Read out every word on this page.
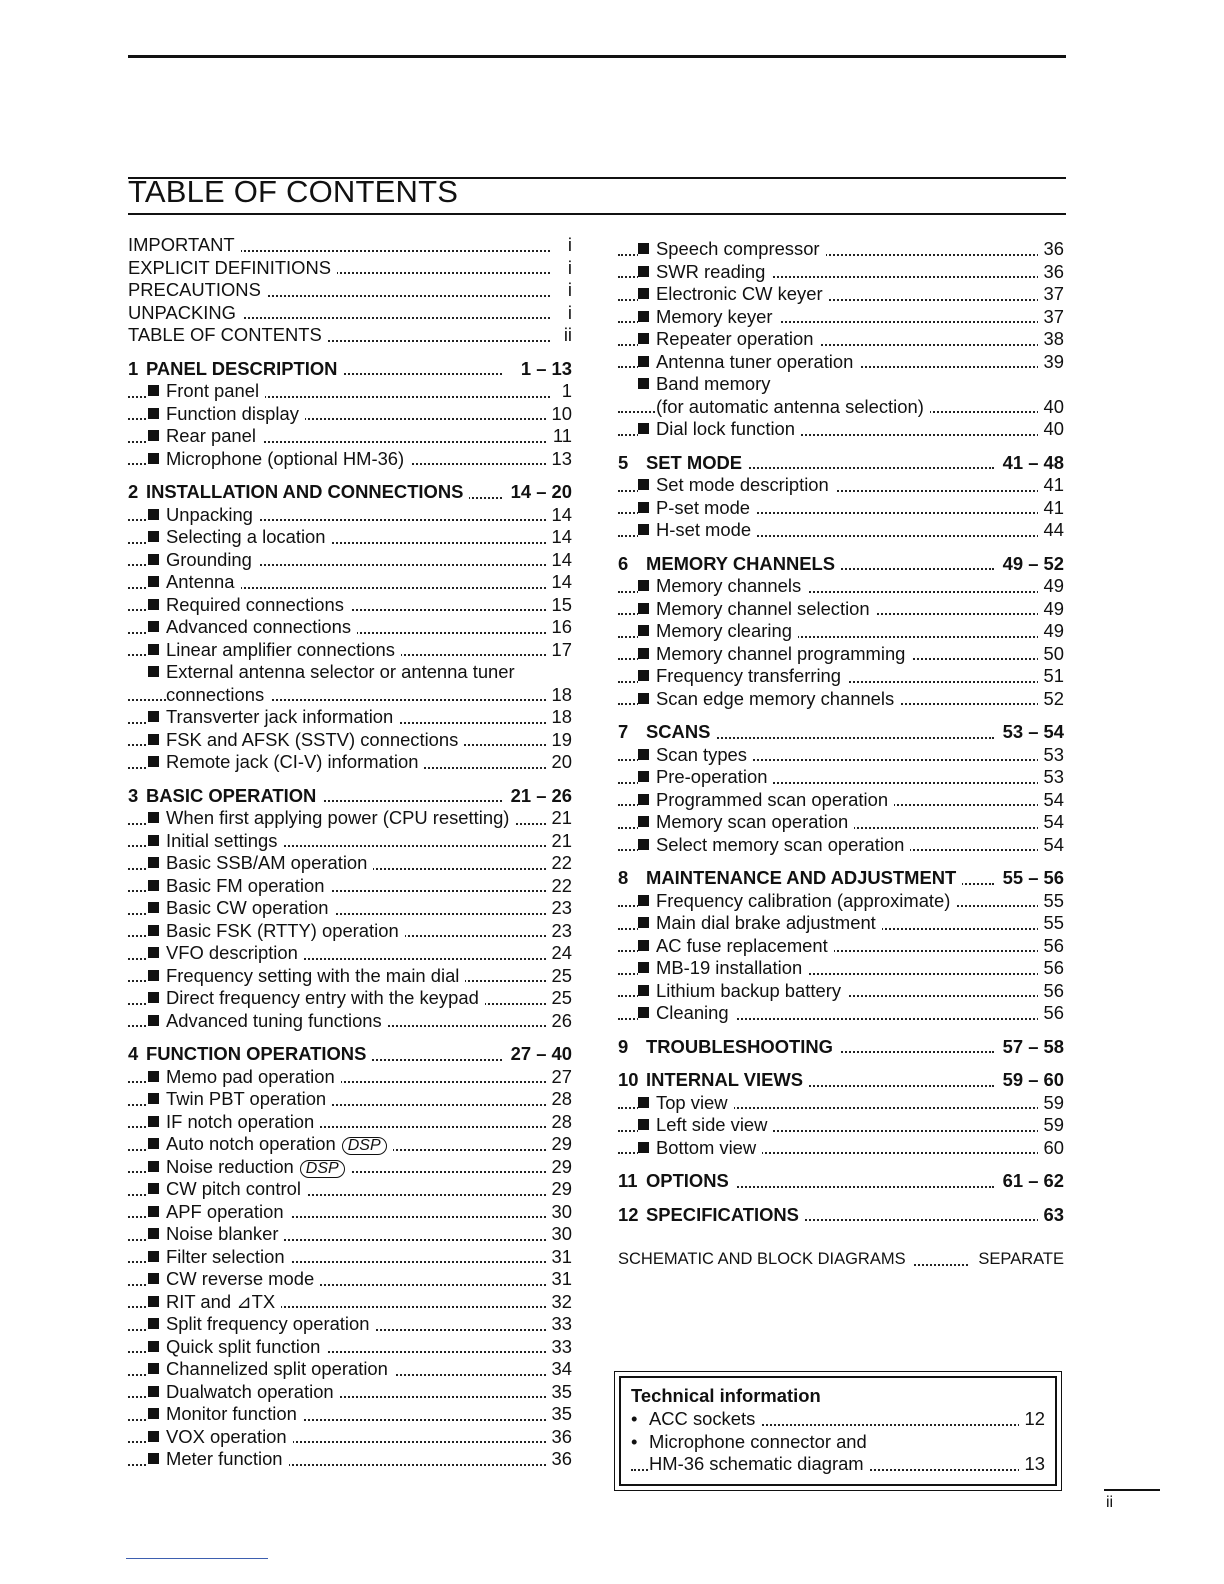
TABLE OF CONTENTS
IMPORTANT	i
EXPLICIT DEFINITIONS	i
PRECAUTIONS	i
UNPACKING	i
TABLE OF CONTENTS	ii
1 PANEL DESCRIPTION	1 – 13
Front panel	1
Function display	10
Rear panel	11
Microphone (optional HM-36)	13
2 INSTALLATION AND CONNECTIONS	14 – 20
Unpacking	14
Selecting a location	14
Grounding	14
Antenna	14
Required connections	15
Advanced connections	16
Linear amplifier connections	17
External antenna selector or antenna tuner
connections	18
Transverter jack information	18
FSK and AFSK (SSTV) connections	19
Remote jack (CI-V) information	20
3 BASIC OPERATION	21 – 26
When first applying power (CPU resetting)	21
Initial settings	21
Basic SSB/AM operation	22
Basic FM operation	22
Basic CW operation	23
Basic FSK (RTTY) operation	23
VFO description	24
Frequency setting with the main dial	25
Direct frequency entry with the keypad	25
Advanced tuning functions	26
4 FUNCTION OPERATIONS	27 – 40
Memo pad operation	27
Twin PBT operation	28
IF notch operation	28
Auto notch operation DSP	29
Noise reduction DSP	29
CW pitch control	29
APF operation	30
Noise blanker	30
Filter selection	31
CW reverse mode	31
RIT and ⊿TX	32
Split frequency operation	33
Quick split function	33
Channelized split operation	34
Dualwatch operation	35
Monitor function	35
VOX operation	36
Meter function	36
Speech compressor	36
SWR reading	36
Electronic CW keyer	37
Memory keyer	37
Repeater operation	38
Antenna tuner operation	39
Band memory
(for automatic antenna selection)	40
Dial lock function	40
5 SET MODE	41 – 48
Set mode description	41
P-set mode	41
H-set mode	44
6 MEMORY CHANNELS	49 – 52
Memory channels	49
Memory channel selection	49
Memory clearing	49
Memory channel programming	50
Frequency transferring	51
Scan edge memory channels	52
7 SCANS	53 – 54
Scan types	53
Pre-operation	53
Programmed scan operation	54
Memory scan operation	54
Select memory scan operation	54
8 MAINTENANCE AND ADJUSTMENT	55 – 56
Frequency calibration (approximate)	55
Main dial brake adjustment	55
AC fuse replacement	56
MB-19 installation	56
Lithium backup battery	56
Cleaning	56
9 TROUBLESHOOTING	57 – 58
10 INTERNAL VIEWS	59 – 60
Top view	59
Left side view	59
Bottom view	60
11 OPTIONS	61 – 62
12 SPECIFICATIONS	63
SCHEMATIC AND BLOCK DIAGRAMS	SEPARATE
Technical information
• ACC sockets	12
• Microphone connector and
HM-36 schematic diagram	13
ii
